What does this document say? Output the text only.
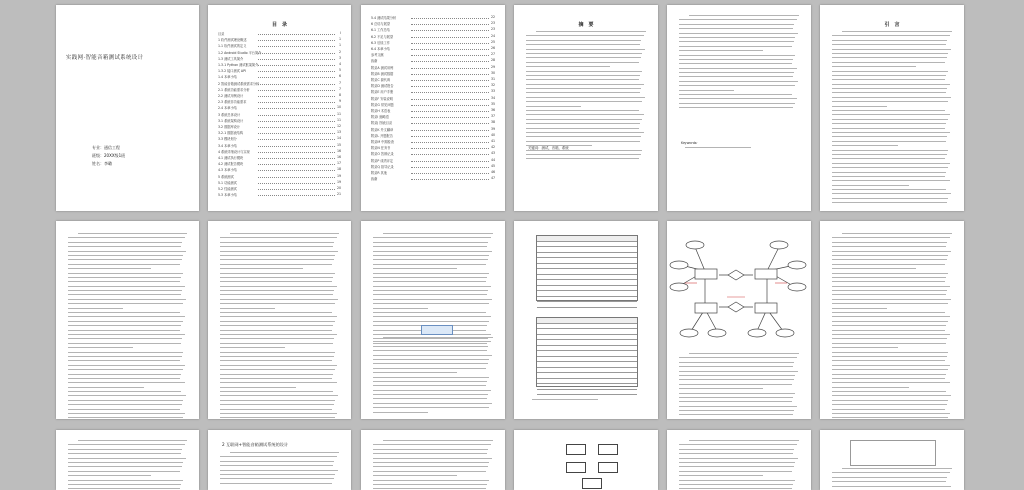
实践网·智能音箱测试系统设计
专业：通信工程
班级：20XX级1班
姓名：李璐
目　录
目录	I
1 软件测试理论概述	1
1.1 软件测试的定义	1
1.2 Android Studio 平台简介	2
1.3 测试工具简介	3
1.3.1 Python 测试框架简介	4
1.3.2 接口测试 API	5
1.4 本章小结	6
2 智能音箱测试系统需求分析	7
2.1 系统功能需求分析	7
2.2 测试用例设计	8
2.3 系统非功能需求	9
2.4 本章小结	10
3 系统总体设计	11
3.1 系统架构设计	11
3.2 数据库设计	12
3.2.1 数据表结构	13
3.3 模块划分	14
3.4 本章小结	15
4 系统详细设计与实现	16
4.1 测试执行模块	16
4.2 测试报告模块	17
4.3 本章小结	18
5 系统测试	19
5.1 功能测试	19
5.2 性能测试	20
5.3 本章小结	21
5.4 测试结果分析	22
6 总结与展望	23
6.1 工作总结	23
6.2 不足与展望	24
6.3 后续工作	25
6.4 本章小结	26
参考文献	27
致谢	28
附录A 测试用例	29
附录B 测试数据	30
附录C 源代码	31
附录D 测试报告	32
附录E 用户手册	33
附录F 安装说明	34
附录G 常见问题	35
附录H 术语表	36
附录I 缩略语	37
附录J 图表目录	38
附录K 外文翻译	39
附录L 开题报告	40
附录M 中期检查	41
附录N 任务书	42
附录O 答辩记录	43
附录P 成绩评定	44
附录Q 指导记录	45
附录R 其他	46
致谢	47
摘　要
关键词：测试，音箱，系统
Keywords:
引　言
2 互联网+智能音箱测试系统的设计
